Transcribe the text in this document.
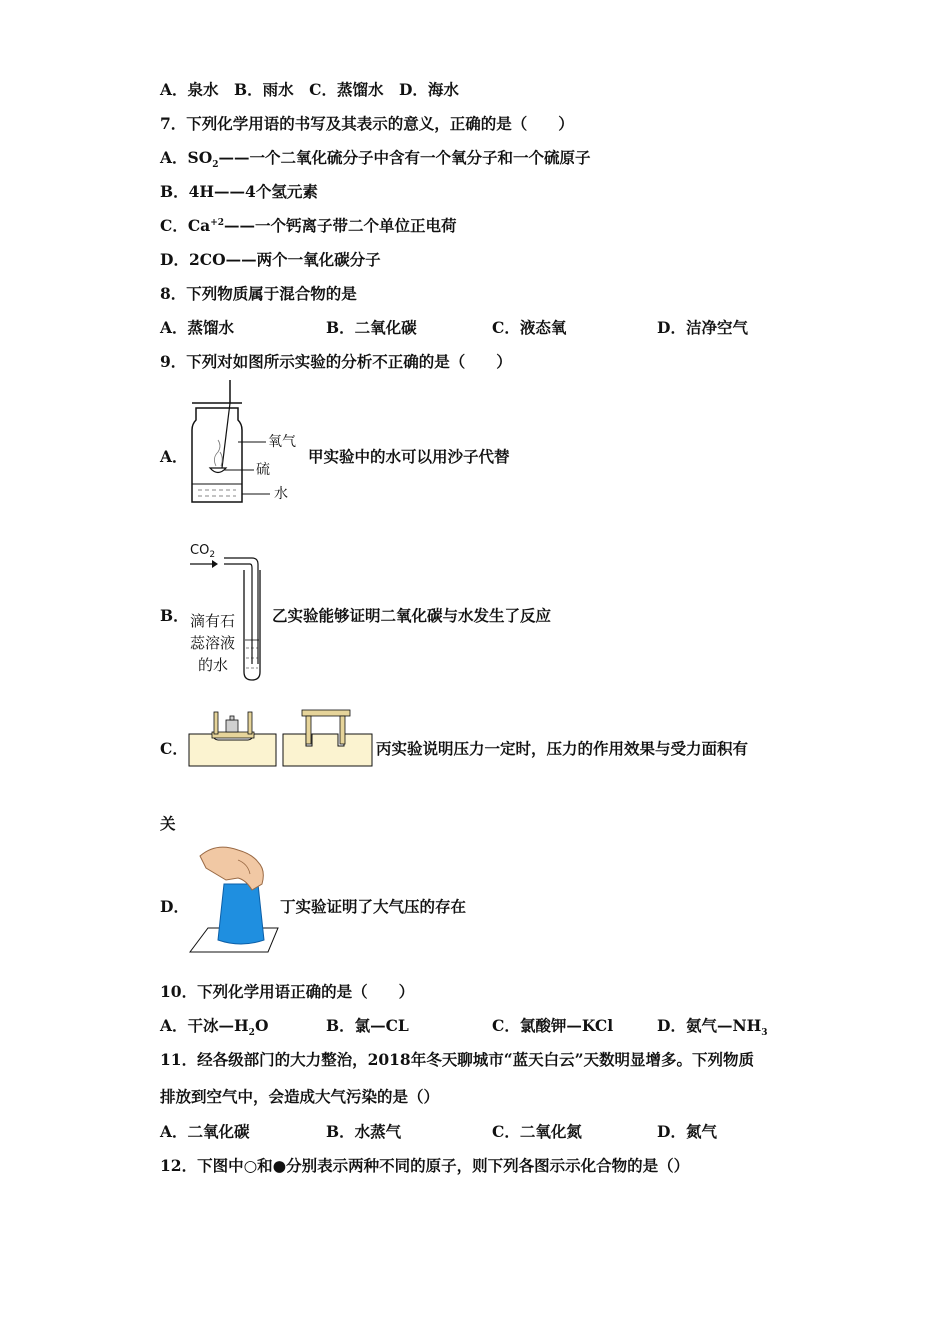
A．泉水　B．雨水　C．蒸馏水　D．海水
7．下列化学用语的书写及其表示的意义，正确的是（　　）
A．$SO_2——$一个二氧化硫分子中含有一个氧分子和一个硫原子
B．4H——4个氢元素
C．$Ca^{+2}——$一个钙离子带二个单位正电荷
D．2CO——两个一氧化碳分子
8．下列物质属于混合物的是
A．蒸馏水	B．二氧化碳	C．液态氧	D．洁净空气
9．下列对如图所示实验的分析不正确的是（　　）
A．
氧气
硫
水
甲实验中的水可以用沙子代替
B．
$CO_2$
滴有石
蕊溶液
的水
乙实验能够证明二氧化碳与水发生了反应
C．	丙实验说明压力一定时，压力的作用效果与受力面积有
关
D．	丁实验证明了大气压的存在
10．下列化学用语正确的是（　　）
A．干冰$—H_2O$	B．氯—CL	C．氯酸钾—KCl	D．氨气$—NH_3$
11．经各级部门的大力整治，2018年冬天聊城市“蓝天白云”天数明显增多。下列物质
排放到空气中，会造成大气污染的是（）
A．二氧化碳	B．水蒸气	C．二氧化氮	D．氮气
12．下图中○和●分别表示两种不同的原子，则下列各图示示化合物的是（）
